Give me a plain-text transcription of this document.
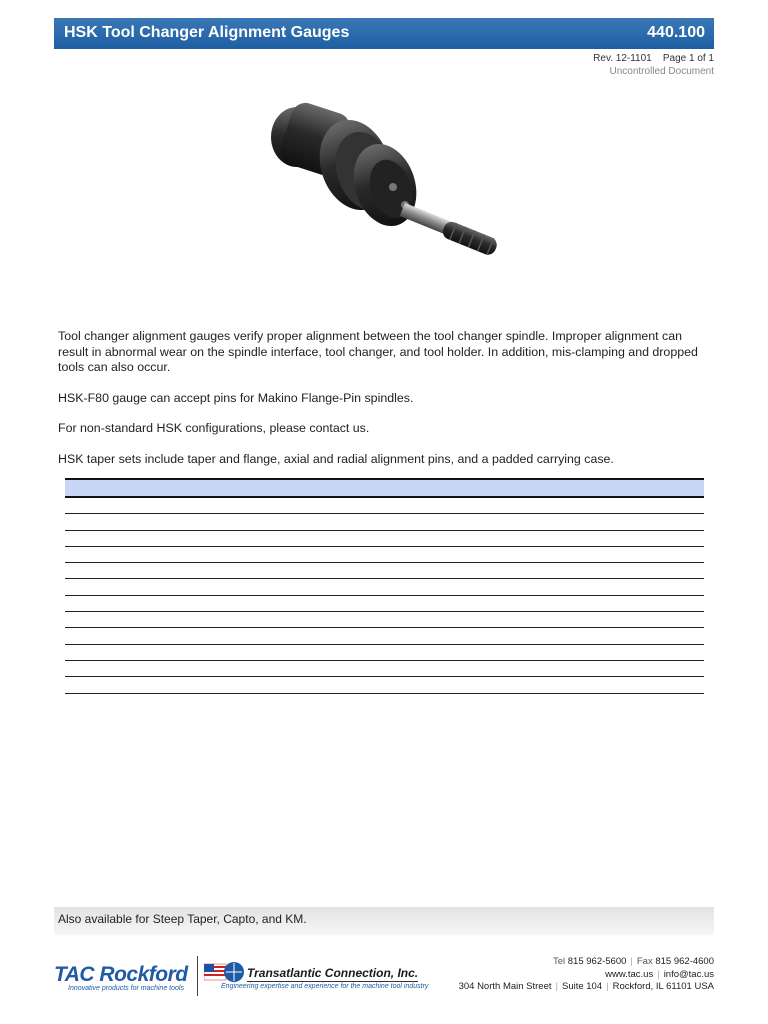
HSK Tool Changer Alignment Gauges	440.100
Rev. 12-1101    Page 1 of 1
Uncontrolled Document

Tool changer alignment gauges verify proper alignment between the tool changer spindle. Improper alignment can result in abnormal wear on the spindle interface, tool changer, and tool holder. In addition, mis-clamping and dropped tools can also occur.

HSK-F80 gauge can accept pins for Makino Flange-Pin spindles.

For non-standard HSK configurations, please contact us.

HSK taper sets include taper and flange, axial and radial alignment pins, and a padded carrying case.

Also available for Steep Taper, Capto, and KM.
TAC Rockford
Innovative products for machine tools
Transatlantic Connection, Inc.
Engineering expertise and experience for the machine tool industry
Tel 815 962-5600 | Fax 815 962-4600
www.tac.us | info@tac.us
304 North Main Street | Suite 104 | Rockford, IL 61101 USA
